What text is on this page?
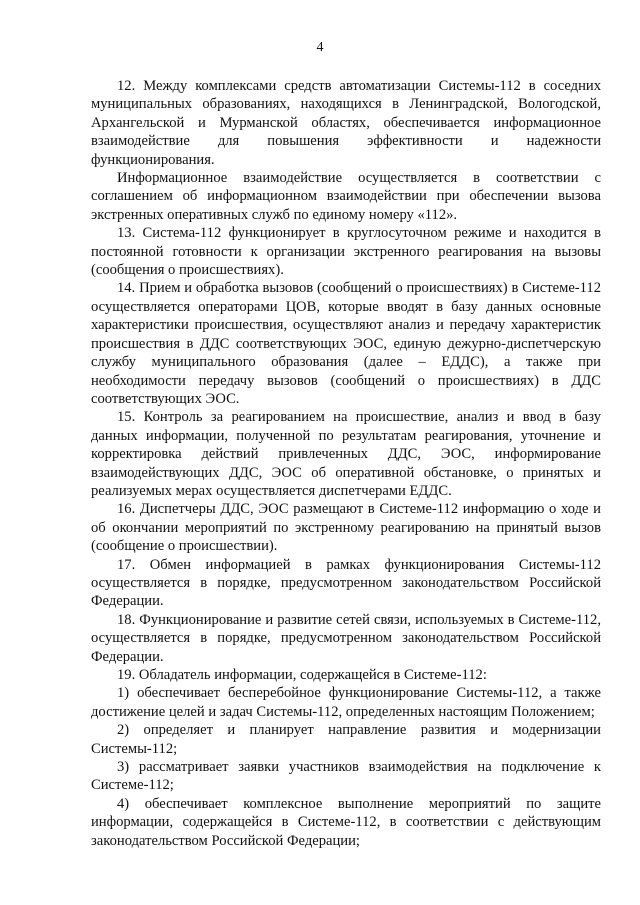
4

12. Между комплексами средств автоматизации Системы-112 в соседних муниципальных образованиях, находящихся в Ленинградской, Вологодской, Архангельской и Мурманской областях, обеспечивается информационное взаимодействие для повышения эффективности и надежности функционирования.

Информационное взаимодействие осуществляется в соответствии с соглашением об информационном взаимодействии при обеспечении вызова экстренных оперативных служб по единому номеру «112».

13. Система-112 функционирует в круглосуточном режиме и находится в постоянной готовности к организации экстренного реагирования на вызовы (сообщения о происшествиях).

14. Прием и обработка вызовов (сообщений о происшествиях) в Системе-112 осуществляется операторами ЦОВ, которые вводят в базу данных основные характеристики происшествия, осуществляют анализ и передачу характеристик происшествия в ДДС соответствующих ЭОС, единую дежурно-диспетчерскую службу муниципального образования (далее – ЕДДС), а также при необходимости передачу вызовов (сообщений о происшествиях) в ДДС соответствующих ЭОС.

15. Контроль за реагированием на происшествие, анализ и ввод в базу данных информации, полученной по результатам реагирования, уточнение и корректировка действий привлеченных ДДС, ЭОС, информирование взаимодействующих ДДС, ЭОС об оперативной обстановке, о принятых и реализуемых мерах осуществляется диспетчерами ЕДДС.

16. Диспетчеры ДДС, ЭОС размещают в Системе-112 информацию о ходе и об окончании мероприятий по экстренному реагированию на принятый вызов (сообщение о происшествии).

17. Обмен информацией в рамках функционирования Системы-112 осуществляется в порядке, предусмотренном законодательством Российской Федерации.

18. Функционирование и развитие сетей связи, используемых в Системе-112, осуществляется в порядке, предусмотренном законодательством Российской Федерации.

19. Обладатель информации, содержащейся в Системе-112:

1) обеспечивает бесперебойное функционирование Системы-112, а также достижение целей и задач Системы-112, определенных настоящим Положением;

2) определяет и планирует направление развития и модернизации Системы-112;

3) рассматривает заявки участников взаимодействия на подключение к Системе-112;

4) обеспечивает комплексное выполнение мероприятий по защите информации, содержащейся в Системе-112, в соответствии с действующим законодательством Российской Федерации;
